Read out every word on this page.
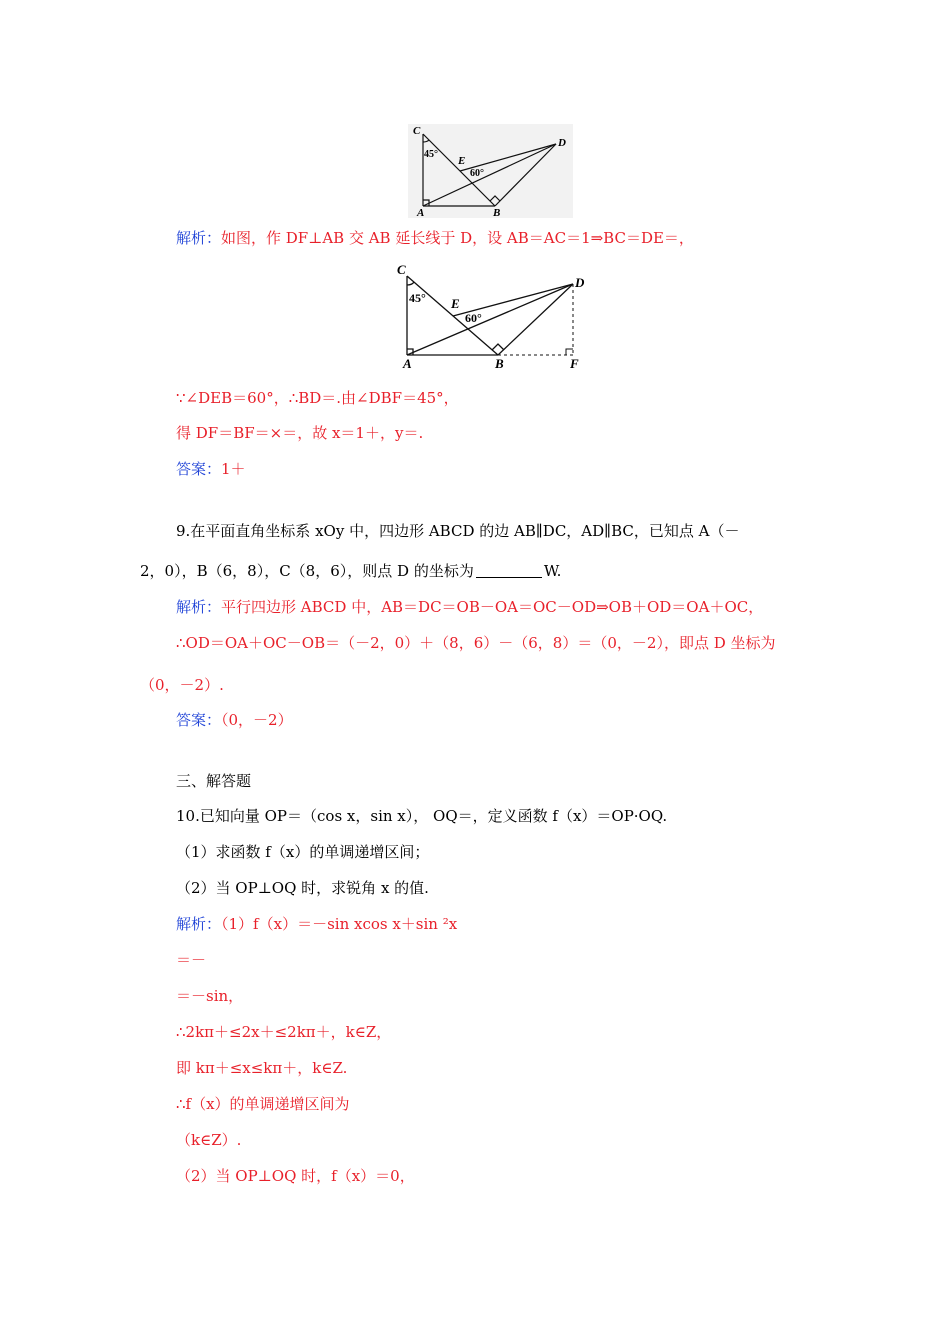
C
D
E
A	B
45°
60°
解析：如图，作 DF⊥AB 交 AB 延长线于 D，设 AB＝AC＝1⇒BC＝DE＝，
C
D
E
A	B	F
45°
60°
∵∠DEB＝60°，∴BD＝.由∠DBF＝45°，
得 DF＝BF＝×＝，故 x＝1＋，y＝.
答案：1＋
9.在平面直角坐标系 xOy 中，四边形 ABCD 的边 AB∥DC，AD∥BC，已知点 A（－
2，0），B（6，8），C（8，6），则点 D 的坐标为	W.
解析：平行四边形 ABCD 中，AB＝DC＝OB－OA＝OC－OD⇒OB＋OD＝OA＋OC，
∴OD＝OA＋OC－OB＝（－2，0）＋（8，6）－（6，8）＝（0，－2），即点 D 坐标为
（0，－2）.
答案：（0，－2）
三、解答题
10.已知向量 OP＝（cos x，sin x）， OQ＝，定义函数 f（x）＝OP·OQ.
（1）求函数 f（x）的单调递增区间；
（2）当 OP⊥OQ 时，求锐角 x 的值.
解析：（1）f（x）＝－sin xcos x＋sin ²x
＝－
＝－sin，
∴2kπ＋≤2x＋≤2kπ＋，k∈Z，
即 kπ＋≤x≤kπ＋，k∈Z.
∴f（x）的单调递增区间为
（k∈Z）.
（2）当 OP⊥OQ 时，f（x）＝0，
